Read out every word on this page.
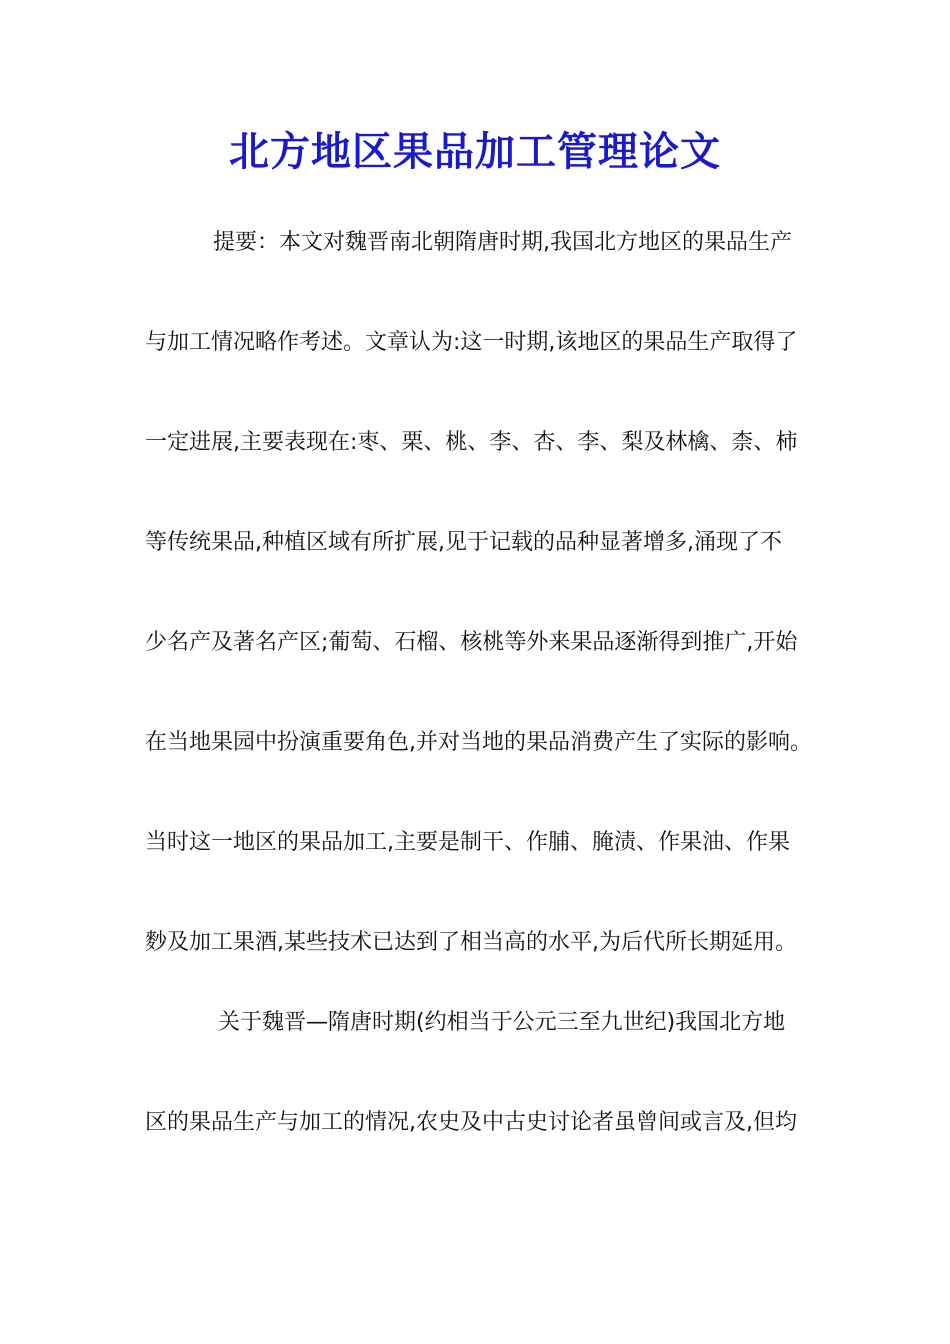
北方地区果品加工管理论文
提要：本文对魏晋南北朝隋唐时期,我国北方地区的果品生产
与加工情况略作考述。文章认为:这一时期,该地区的果品生产取得了
一定进展,主要表现在:枣、栗、桃、李、杏、李、梨及林檎、柰、柿
等传统果品,种植区域有所扩展,见于记载的品种显著增多,涌现了不
少名产及著名产区;葡萄、石榴、核桃等外来果品逐渐得到推广,开始
在当地果园中扮演重要角色,并对当地的果品消费产生了实际的影响。
当时这一地区的果品加工,主要是制干、作脯、腌渍、作果油、作果
麨及加工果酒,某些技术已达到了相当高的水平,为后代所长期延用。
关于魏晋—隋唐时期(约相当于公元三至九世纪)我国北方地
区的果品生产与加工的情况,农史及中古史讨论者虽曾间或言及,但均
